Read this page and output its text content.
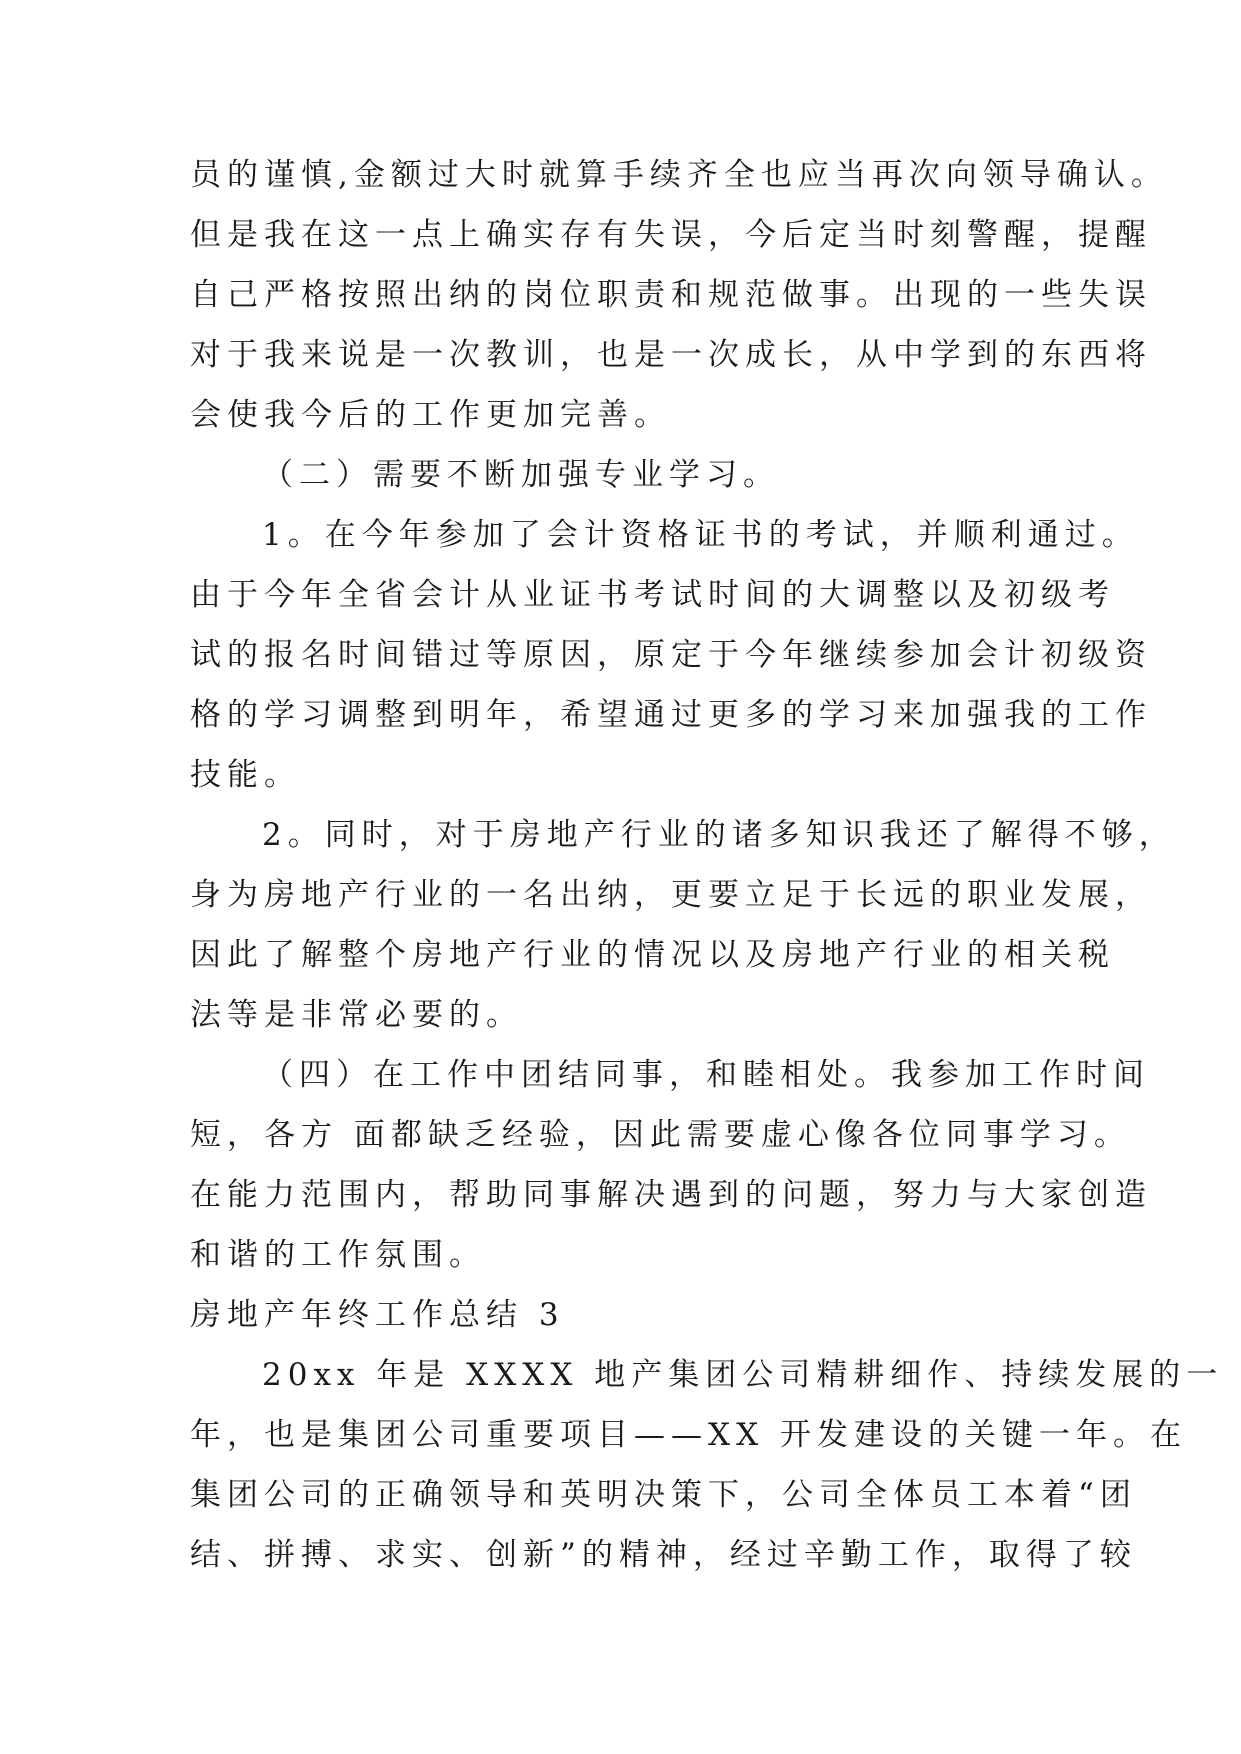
员的谨慎,金额过大时就算手续齐全也应当再次向领导确认。
但是我在这一点上确实存有失误，今后定当时刻警醒，提醒
自己严格按照出纳的岗位职责和规范做事。出现的一些失误
对于我来说是一次教训，也是一次成长，从中学到的东西将
会使我今后的工作更加完善。
（二）需要不断加强专业学习。
1。在今年参加了会计资格证书的考试，并顺利通过。
由于今年全省会计从业证书考试时间的大调整以及初级考
试的报名时间错过等原因，原定于今年继续参加会计初级资
格的学习调整到明年，希望通过更多的学习来加强我的工作
技能。
2。同时，对于房地产行业的诸多知识我还了解得不够，
身为房地产行业的一名出纳，更要立足于长远的职业发展，
因此了解整个房地产行业的情况以及房地产行业的相关税
法等是非常必要的。
（四）在工作中团结同事，和睦相处。我参加工作时间
短，各方 面都缺乏经验，因此需要虚心像各位同事学习。
在能力范围内，帮助同事解决遇到的问题，努力与大家创造
和谐的工作氛围。
房地产年终工作总结 3
20xx 年是 XXXX 地产集团公司精耕细作、持续发展的一
年，也是集团公司重要项目——XX 开发建设的关键一年。在
集团公司的正确领导和英明决策下，公司全体员工本着“团
结、拼搏、求实、创新”的精神，经过辛勤工作，取得了较
